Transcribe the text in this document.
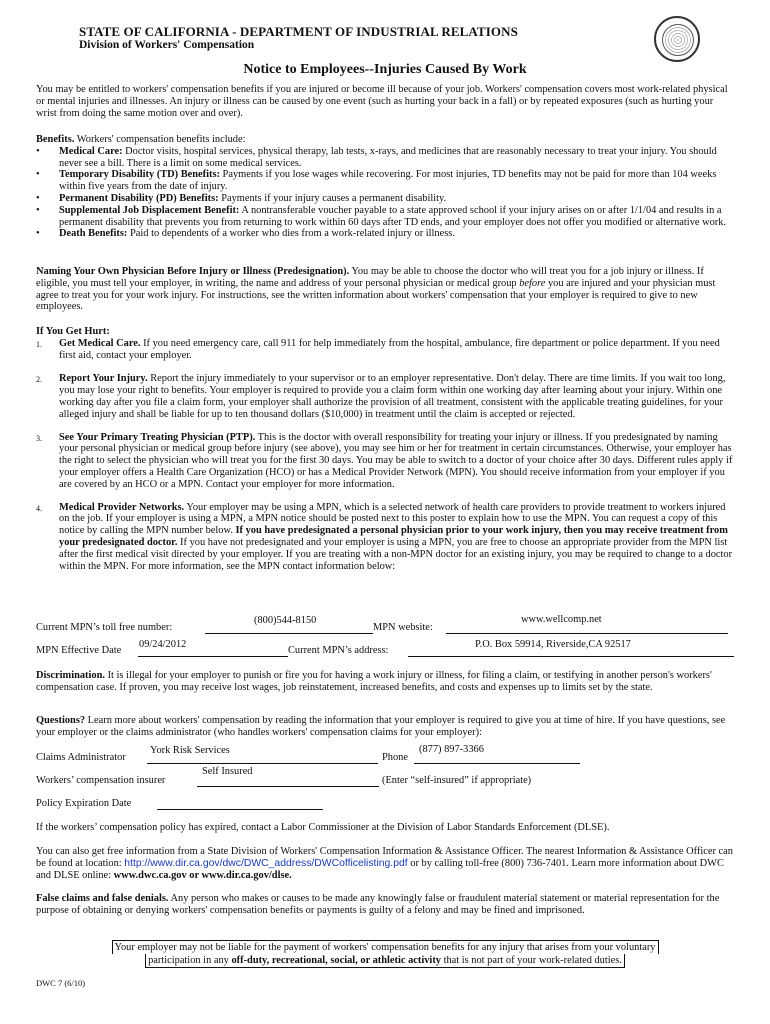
STATE OF CALIFORNIA - DEPARTMENT OF INDUSTRIAL RELATIONS
Division of Workers' Compensation
Notice to Employees--Injuries Caused By Work

You may be entitled to workers' compensation benefits if you are injured or become ill because of your job. Workers' compensation covers most work-related physical or mental injuries and illnesses. An injury or illness can be caused by one event (such as hurting your back in a fall) or by repeated exposures (such as hurting your wrist from doing the same motion over and over).

Benefits. Workers' compensation benefits include:

• Medical Care: Doctor visits, hospital services, physical therapy, lab tests, x-rays, and medicines that are reasonably necessary to treat your injury. You should never see a bill. There is a limit on some medical services.
• Temporary Disability (TD) Benefits: Payments if you lose wages while recovering. For most injuries, TD benefits may not be paid for more than 104 weeks within five years from the date of injury.
• Permanent Disability (PD) Benefits: Payments if your injury causes a permanent disability.
• Supplemental Job Displacement Benefit: A nontransferable voucher payable to a state approved school if your injury arises on or after 1/1/04 and results in a permanent disability that prevents you from returning to work within 60 days after TD ends, and your employer does not offer you modified or alternative work.
• Death Benefits: Paid to dependents of a worker who dies from a work-related injury or illness.

Naming Your Own Physician Before Injury or Illness (Predesignation). You may be able to choose the doctor who will treat you for a job injury or illness. If eligible, you must tell your employer, in writing, the name and address of your personal physician or medical group before you are injured and your physician must agree to treat you for your work injury. For instructions, see the written information about workers' compensation that your employer is required to give to new employees.

If You Get Hurt:

1. Get Medical Care. If you need emergency care, call 911 for help immediately from the hospital, ambulance, fire department or police department. If you need first aid, contact your employer.
2. Report Your Injury. Report the injury immediately to your supervisor or to an employer representative. Don't delay. There are time limits. If you wait too long, you may lose your right to benefits. Your employer is required to provide you a claim form within one working day after learning about your injury. Within one working day after you file a claim form, your employer shall authorize the provision of all treatment, consistent with the applicable treating guidelines, for your alleged injury and shall be liable for up to ten thousand dollars ($10,000) in treatment until the claim is accepted or rejected.
3. See Your Primary Treating Physician (PTP). This is the doctor with overall responsibility for treating your injury or illness. If you predesignated by naming your personal physician or medical group before injury (see above), you may see him or her for treatment in certain circumstances. Otherwise, your employer has the right to select the physician who will treat you for the first 30 days. You may be able to switch to a doctor of your choice after 30 days. Different rules apply if your employer offers a Health Care Organization (HCO) or has a Medical Provider Network (MPN). You should receive information from your employer if you are covered by an HCO or a MPN. Contact your employer for more information.
4. Medical Provider Networks. Your employer may be using a MPN, which is a selected network of health care providers to provide treatment to workers injured on the job. If your employer is using a MPN, a MPN notice should be posted next to this poster to explain how to use the MPN. You can request a copy of this notice by calling the MPN number below. If you have predesignated a personal physician prior to your work injury, then you may receive treatment from your predesignated doctor. If you have not predesignated and your employer is using a MPN, you are free to choose an appropriate provider from the MPN list after the first medical visit directed by your employer. If you are treating with a non-MPN doctor for an existing injury, you may be required to change to a doctor within the MPN. For more information, see the MPN contact information below:
Current MPN’s toll free number:
(800)544-8150
MPN website:
www.wellcomp.net
MPN Effective Date
09/24/2012
Current MPN’s address:
P.O. Box 59914, Riverside,CA 92517

Discrimination. It is illegal for your employer to punish or fire you for having a work injury or illness, for filing a claim, or testifying in another person's workers' compensation case. If proven, you may receive lost wages, job reinstatement, increased benefits, and costs and expenses up to limits set by the state.

Questions? Learn more about workers' compensation by reading the information that your employer is required to give you at time of hire. If you have questions, see your employer or the claims administrator (who handles workers' compensation claims for your employer):

Claims Administrator
York Risk Services
Phone
(877) 897-3366
Workers’ compensation insurer
Self Insured
(Enter “self-insured” if appropriate)
Policy Expiration Date

If the workers’ compensation policy has expired, contact a Labor Commissioner at the Division of Labor Standards Enforcement (DLSE).

You can also get free information from a State Division of Workers' Compensation Information & Assistance Officer. The nearest Information & Assistance Officer can be found at location: http://www.dir.ca.gov/dwc/DWC_address/DWCofficelisting.pdf or by calling toll-free (800) 736-7401. Learn more information about DWC and DLSE online: www.dwc.ca.gov or www.dir.ca.gov/dlse.

False claims and false denials. Any person who makes or causes to be made any knowingly false or fraudulent material statement or material representation for the purpose of obtaining or denying workers' compensation benefits or payments is guilty of a felony and may be fined and imprisoned.

Your employer may not be liable for the payment of workers' compensation benefits for any injury that arises from your voluntary
participation in any off-duty, recreational, social, or athletic activity that is not part of your work-related duties.
DWC 7 (6/10)
